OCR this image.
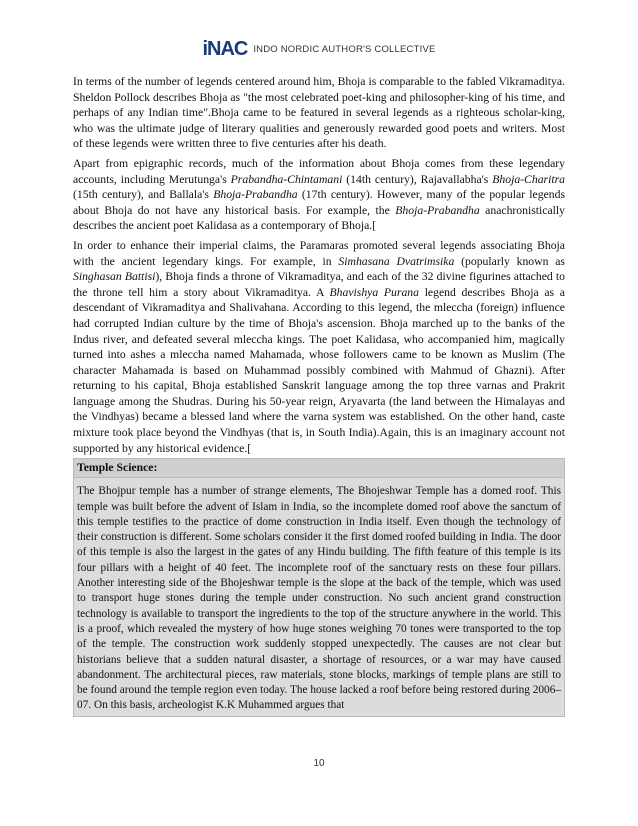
iNAC INDO NORDIC AUTHOR'S COLLECTIVE

In terms of the number of legends centered around him, Bhoja is comparable to the fabled Vikramaditya. Sheldon Pollock describes Bhoja as "the most celebrated poet-king and philosopher-king of his time, and perhaps of any Indian time".Bhoja came to be featured in several legends as a righteous scholar-king, who was the ultimate judge of literary qualities and generously rewarded good poets and writers. Most of these legends were written three to five centuries after his death.

Apart from epigraphic records, much of the information about Bhoja comes from these legendary accounts, including Merutunga's Prabandha-Chintamani (14th century), Rajavallabha's Bhoja-Charitra (15th century), and Ballala's Bhoja-Prabandha (17th century). However, many of the popular legends about Bhoja do not have any historical basis. For example, the Bhoja-Prabandha anachronistically describes the ancient poet Kalidasa as a contemporary of Bhoja.[

In order to enhance their imperial claims, the Paramaras promoted several legends associating Bhoja with the ancient legendary kings. For example, in Simhasana Dvatrimsika (popularly known as Singhasan Battisi), Bhoja finds a throne of Vikramaditya, and each of the 32 divine figurines attached to the throne tell him a story about Vikramaditya. A Bhavishya Purana legend describes Bhoja as a descendant of Vikramaditya and Shalivahana. According to this legend, the mleccha (foreign) influence had corrupted Indian culture by the time of Bhoja's ascension. Bhoja marched up to the banks of the Indus river, and defeated several mleccha kings. The poet Kalidasa, who accompanied him, magically turned into ashes a mleccha named Mahamada, whose followers came to be known as Muslim (The character Mahamada is based on Muhammad possibly combined with Mahmud of Ghazni). After returning to his capital, Bhoja established Sanskrit language among the top three varnas and Prakrit language among the Shudras. During his 50-year reign, Aryavarta (the land between the Himalayas and the Vindhyas) became a blessed land where the varna system was established. On the other hand, caste mixture took place beyond the Vindhyas (that is, in South India).Again, this is an imaginary account not supported by any historical evidence.[

Temple Science:

The Bhojpur temple has a number of strange elements, The Bhojeshwar Temple has a domed roof. This temple was built before the advent of Islam in India, so the incomplete domed roof above the sanctum of this temple testifies to the practice of dome construction in India itself. Even though the technology of their construction is different. Some scholars consider it the first domed roofed building in India. The door of this temple is also the largest in the gates of any Hindu building. The fifth feature of this temple is its four pillars with a height of 40 feet. The incomplete roof of the sanctuary rests on these four pillars. Another interesting side of the Bhojeshwar temple is the slope at the back of the temple, which was used to transport huge stones during the temple under construction. No such ancient grand construction technology is available to transport the ingredients to the top of the structure anywhere in the world. This is a proof, which revealed the mystery of how huge stones weighing 70 tones were transported to the top of the temple. The construction work suddenly stopped unexpectedly. The causes are not clear but historians believe that a sudden natural disaster, a shortage of resources, or a war may have caused abandonment. The architectural pieces, raw materials, stone blocks, markings of temple plans are still to be found around the temple region even today. The house lacked a roof before being restored during 2006–07. On this basis, archeologist K.K Muhammed argues that

10
